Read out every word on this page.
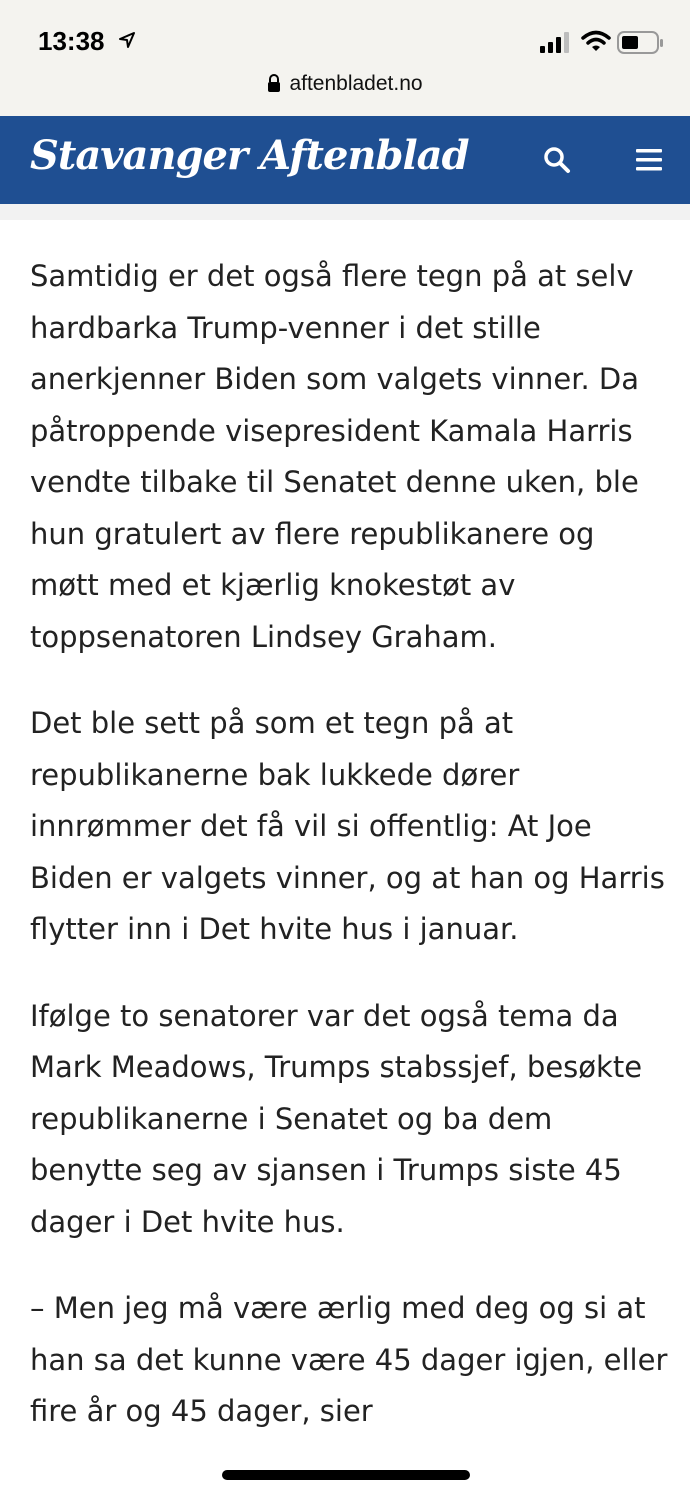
13:38
aftenbladet.no
Stavanger Aftenblad

Samtidig er det også flere tegn på at selv hardbarka Trump-venner i det stille anerkjenner Biden som valgets vinner. Da påtroppende visepresident Kamala Harris vendte tilbake til Senatet denne uken, ble hun gratulert av flere republikanere og møtt med et kjærlig knokestøt av toppsenatoren Lindsey Graham.

Det ble sett på som et tegn på at republikanerne bak lukkede dører innrømmer det få vil si offentlig: At Joe Biden er valgets vinner, og at han og Harris flytter inn i Det hvite hus i januar.

Ifølge to senatorer var det også tema da Mark Meadows, Trumps stabssjef, besøkte republikanerne i Senatet og ba dem benytte seg av sjansen i Trumps siste 45 dager i Det hvite hus.

– Men jeg må være ærlig med deg og si at han sa det kunne være 45 dager igjen, eller fire år og 45 dager, sier
